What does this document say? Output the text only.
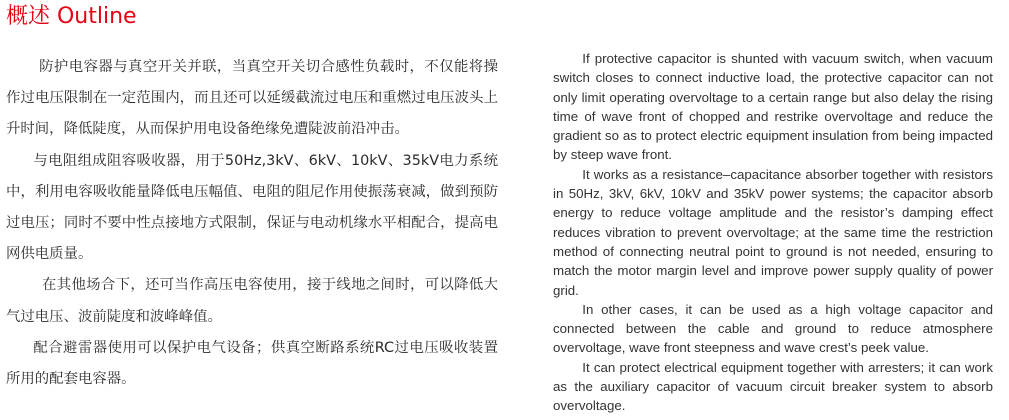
概述 Outline

防护电容器与真空开关并联，当真空开关切合感性负载时，不仅能将操作过电压限制在一定范围内，而且还可以延缓截流过电压和重燃过电压波头上升时间，降低陡度，从而保护用电设备绝缘免遭陡波前沿冲击。

与电阻组成阻容吸收器，用于50Hz,3kV、6kV、10kV、35kV电力系统中，利用电容吸收能量降低电压幅值、电阻的阻尼作用使振荡衰减，做到预防过电压；同时不要中性点接地方式限制，保证与电动机缘水平相配合，提高电网供电质量。

在其他场合下，还可当作高压电容使用，接于线地之间时，可以降低大气过电压、波前陡度和波峰峰值。

配合避雷器使用可以保护电气设备；供真空断路系统RC过电压吸收装置所用的配套电容器。

If protective capacitor is shunted with vacuum switch, when vacuum switch closes to connect inductive load, the protective capacitor can not only limit operating overvoltage to a certain range but also delay the rising time of wave front of chopped and restrike overvoltage and reduce the gradient so as to protect electric equipment insulation from being impacted by steep wave front.

It works as a resistance–capacitance absorber together with resistors in 50Hz, 3kV, 6kV, 10kV and 35kV power systems; the capacitor absorb energy to reduce voltage amplitude and the resistor’s damping effect reduces vibration to prevent overvoltage; at the same time the restriction method of connecting neutral point to ground is not needed, ensuring to match the motor margin level and improve power supply quality of power grid.

In other cases, it can be used as a high voltage capacitor and connected between the cable and ground to reduce atmosphere overvoltage, wave front steepness and wave crest’s peek value.

It can protect electrical equipment together with arresters; it can work as the auxiliary capacitor of vacuum circuit breaker system to absorb overvoltage.
